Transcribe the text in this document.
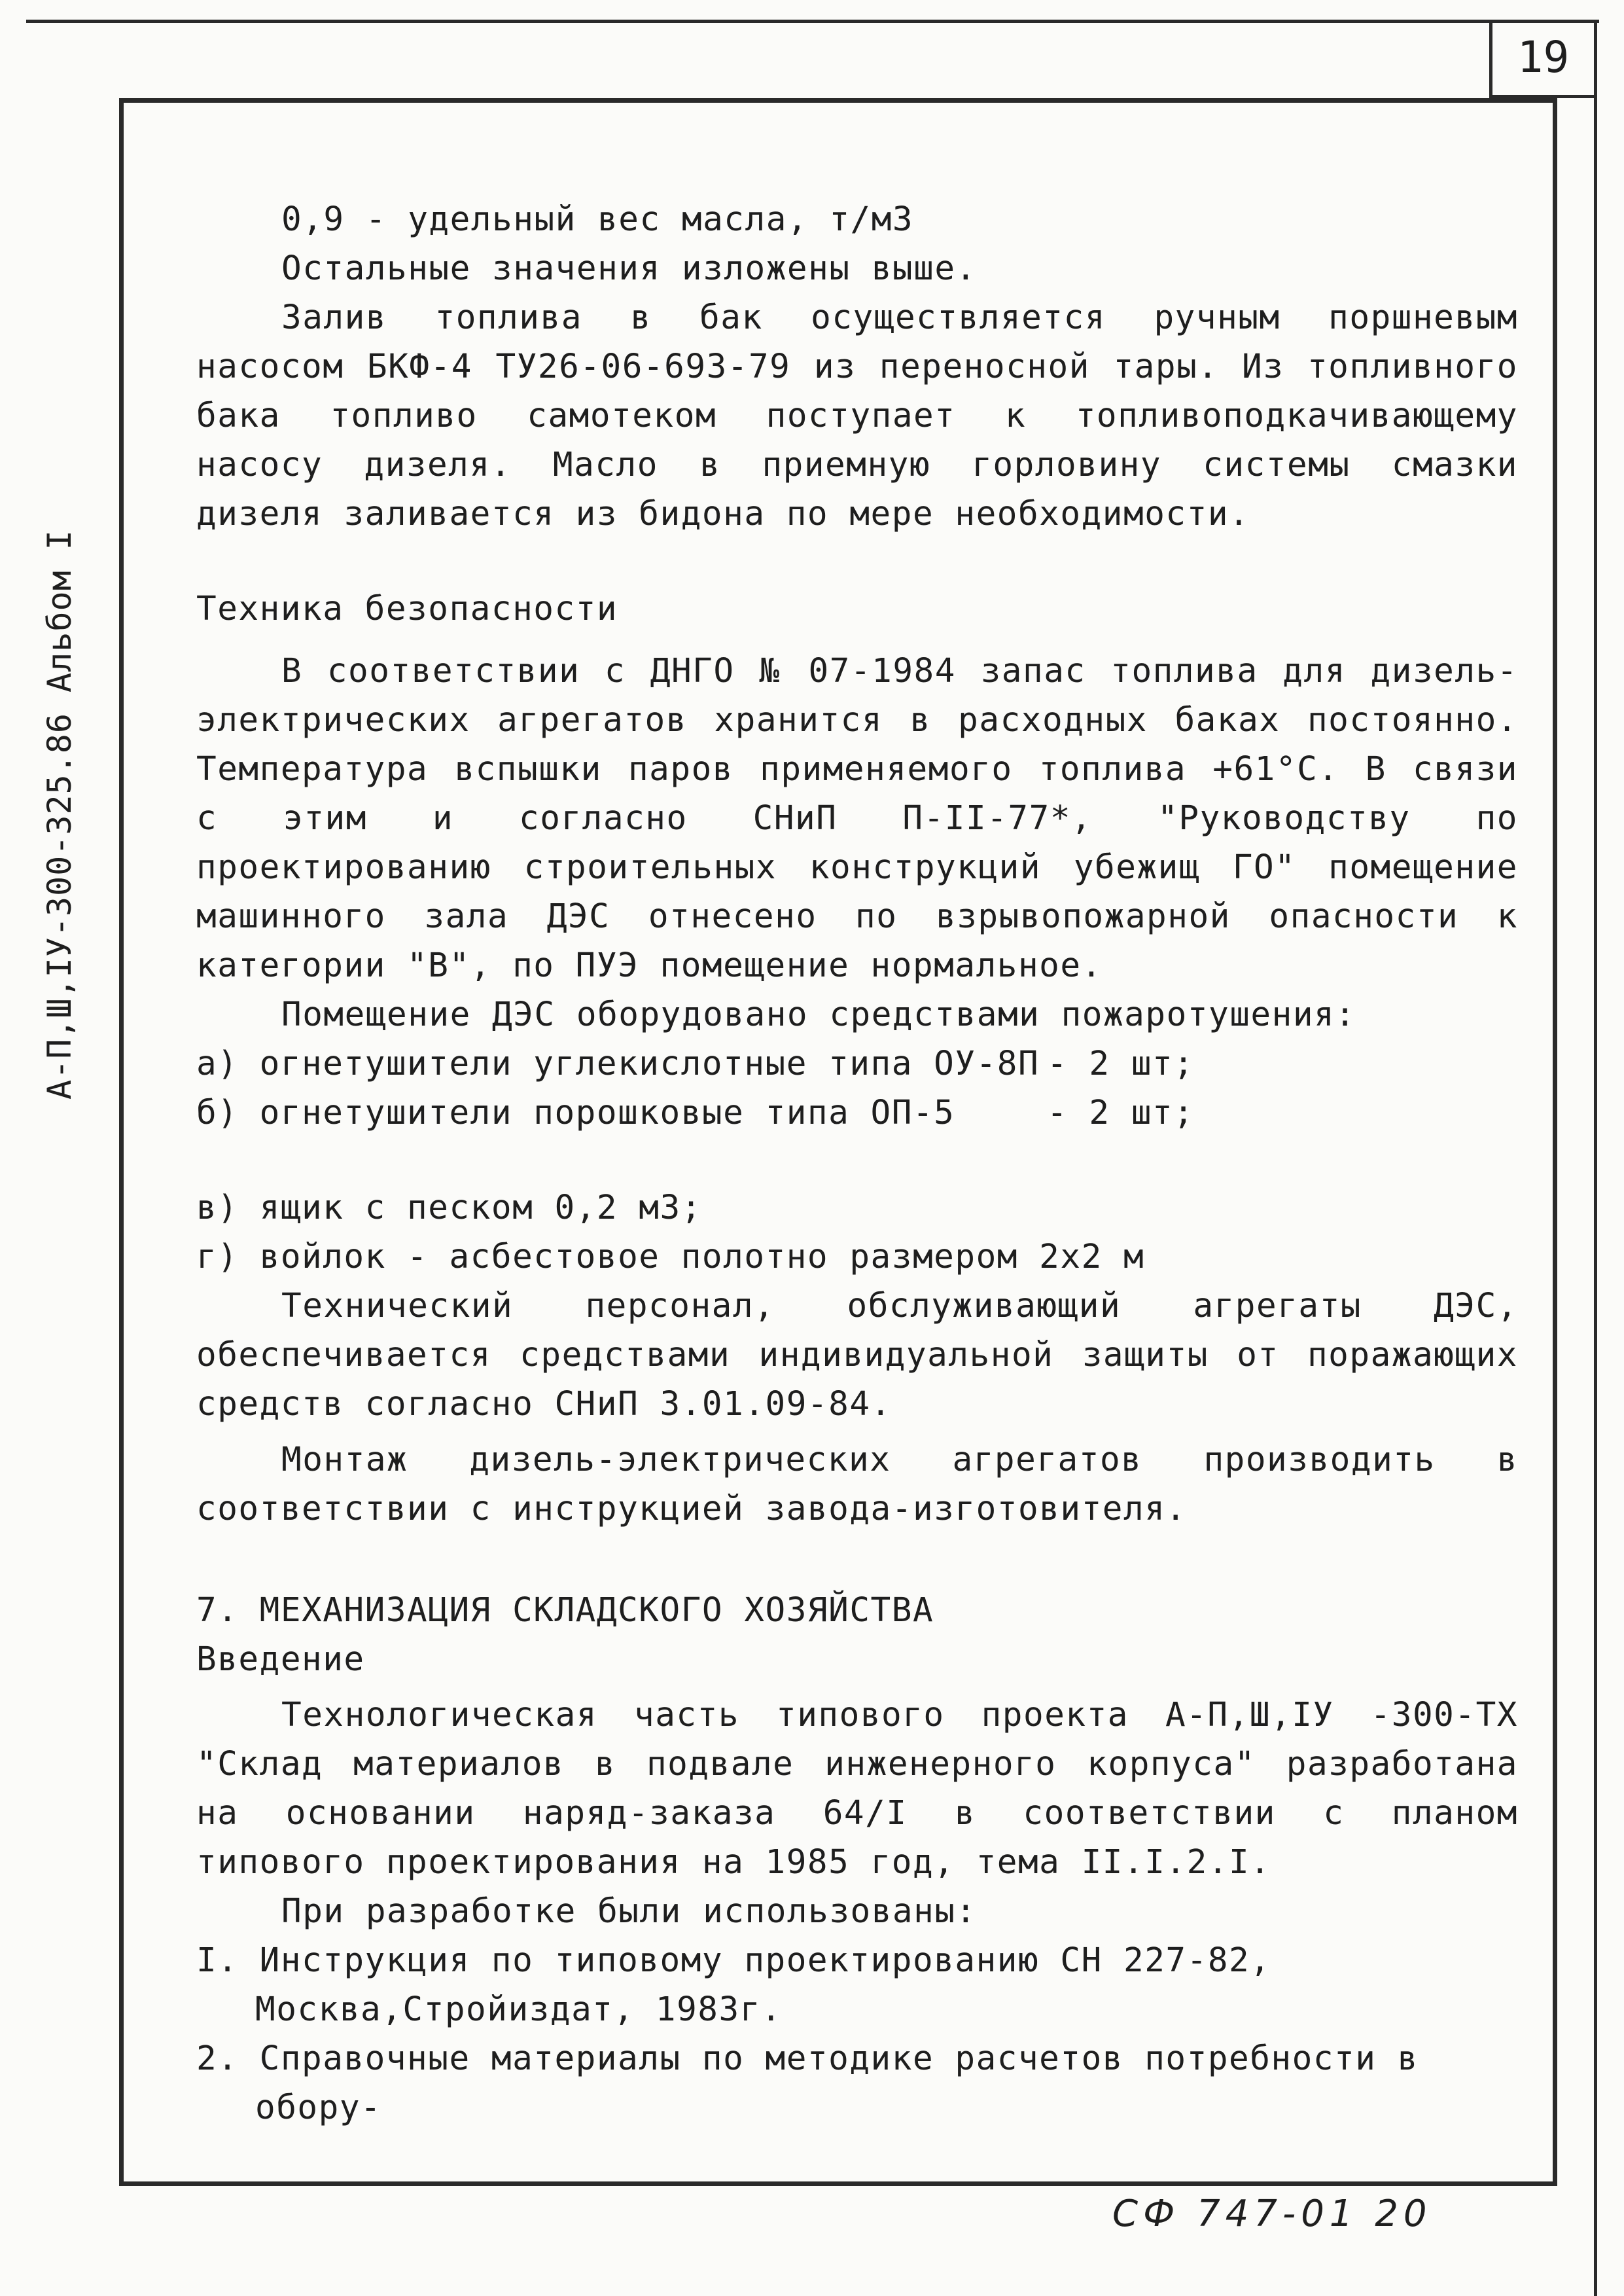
19
А-П,Ш,IУ-300-325.86 Альбом I

0,9 - удельный вес масла, т/м3

Остальные значения изложены выше.

Залив топлива в бак осуществляется ручным поршневым насосом БКФ-4 ТУ26-06-693-79 из переносной тары. Из топливного бака топливо самотеком поступает к топливоподкачивающему насосу дизеля. Масло в приемную горловину системы смазки дизеля заливается из бидона по мере необходимости.

Техника безопасности

В соответствии с ДНГО № 07-1984 запас топлива для дизель-электрических агрегатов хранится в расходных баках постоянно. Температура вспышки паров применяемого топлива +61°С. В связи с этим и согласно СНиП П-II-77*, "Руководству по проектированию строительных конструкций убежищ ГО" помещение машинного зала ДЭС отнесено по взрывопожарной опасности к категории "В", по ПУЭ помещение нормальное.

Помещение ДЭС оборудовано средствами пожаротушения:

а) огнетушители углекислотные типа ОУ-8П - 2 шт;

б) огнетушители порошковые типа ОП-5	- 2 шт;

в) ящик с песком 0,2 м3;

г) войлок - асбестовое полотно размером 2х2 м

Технический персонал, обслуживающий агрегаты ДЭС, обеспечивается средствами индивидуальной защиты от поражающих средств согласно СНиП 3.01.09-84.

Монтаж дизель-электрических агрегатов производить в соответствии с инструкцией завода-изготовителя.

7. МЕХАНИЗАЦИЯ СКЛАДСКОГО ХОЗЯЙСТВА

Введение

Технологическая часть типового проекта А-П,Ш,IУ -300-ТХ "Склад материалов в подвале инженерного корпуса" разработана на основании наряд-заказа 64/I в соответствии с планом типового проектирования на 1985 год, тема II.I.2.I.

При разработке были использованы:

I. Инструкция по типовому проектированию СН 227-82, Москва,Стройиздат, 1983г.

2. Справочные материалы по методике расчетов потребности в обору-

СФ 747-01 20
